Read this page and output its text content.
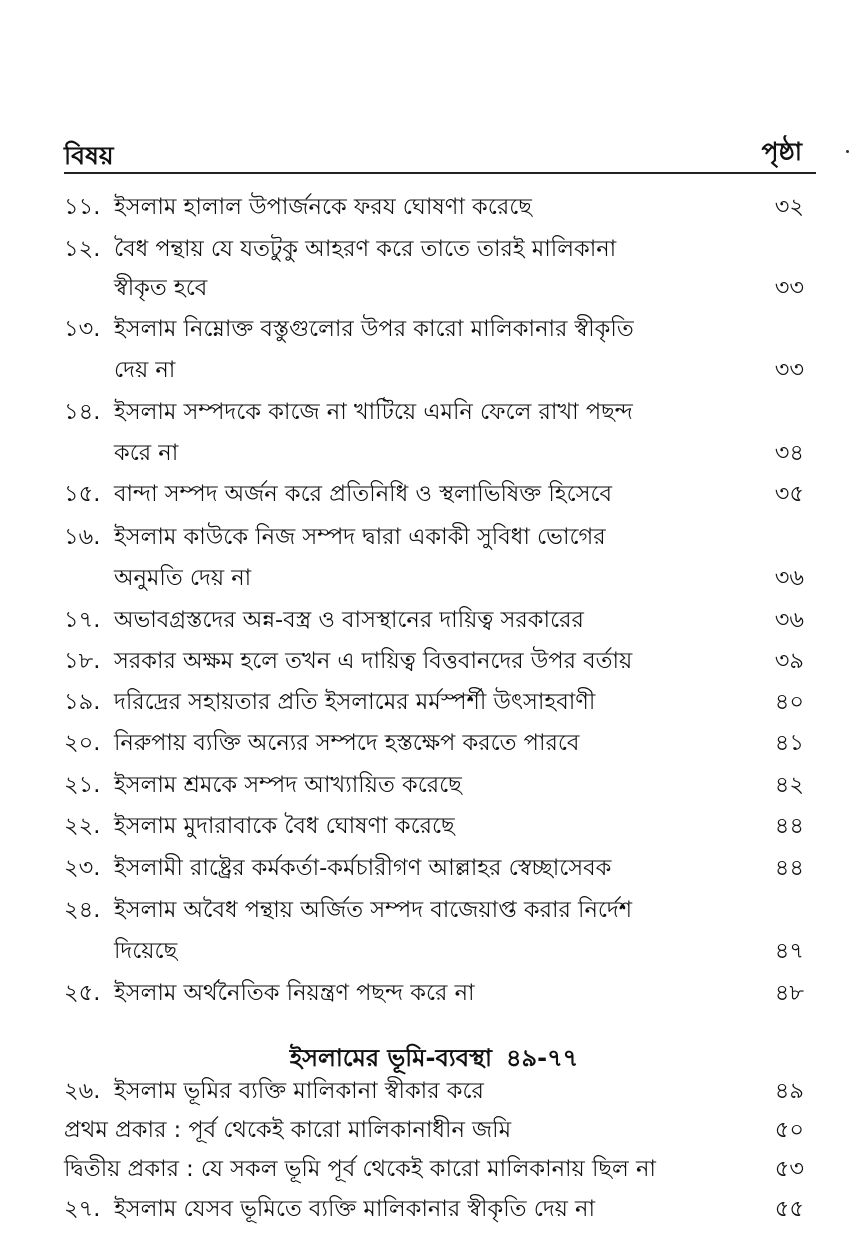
বিষয়	পৃষ্ঠা
১১. ইসলাম হালাল উপার্জনকে ফরয ঘোষণা করেছে	৩২
১২. বৈধ পন্থায় যে যতটুকু আহরণ করে তাতে তারই মালিকানা
স্বীকৃত হবে	৩৩
১৩. ইসলাম নিম্নোক্ত বস্তুগুলোর উপর কারো মালিকানার স্বীকৃতি
দেয় না	৩৩
১৪. ইসলাম সম্পদকে কাজে না খাটিয়ে এমনি ফেলে রাখা পছন্দ
করে না	৩৪
১৫. বান্দা সম্পদ অর্জন করে প্রতিনিধি ও স্থলাভিষিক্ত হিসেবে	৩৫
১৬. ইসলাম কাউকে নিজ সম্পদ দ্বারা একাকী সুবিধা ভোগের
অনুমতি দেয় না	৩৬
১৭. অভাবগ্রস্তদের অন্ন-বস্ত্র ও বাসস্থানের দায়িত্ব সরকারের	৩৬
১৮. সরকার অক্ষম হলে তখন এ দায়িত্ব বিত্তবানদের উপর বর্তায়	৩৯
১৯. দরিদ্রের সহায়তার প্রতি ইসলামের মর্মস্পর্শী উৎসাহবাণী	৪০
২০. নিরুপায় ব্যক্তি অন্যের সম্পদে হস্তক্ষেপ করতে পারবে	৪১
২১. ইসলাম শ্রমকে সম্পদ আখ্যায়িত করেছে	৪২
২২. ইসলাম মুদারাবাকে বৈধ ঘোষণা করেছে	৪৪
২৩. ইসলামী রাষ্ট্রের কর্মকর্তা-কর্মচারীগণ আল্লাহর স্বেচ্ছাসেবক	৪৪
২৪. ইসলাম অবৈধ পন্থায় অর্জিত সম্পদ বাজেয়াপ্ত করার নির্দেশ
দিয়েছে	৪৭
২৫. ইসলাম অর্থনৈতিক নিয়ন্ত্রণ পছন্দ করে না	৪৮
ইসলামের ভূমি-ব্যবস্থা ৪৯-৭৭
২৬. ইসলাম ভূমির ব্যক্তি মালিকানা স্বীকার করে	৪৯
প্রথম প্রকার : পূর্ব থেকেই কারো মালিকানাধীন জমি	৫০
দ্বিতীয় প্রকার : যে সকল ভূমি পূর্ব থেকেই কারো মালিকানায় ছিল না	৫৩
২৭. ইসলাম যেসব ভূমিতে ব্যক্তি মালিকানার স্বীকৃতি দেয় না	৫৫
